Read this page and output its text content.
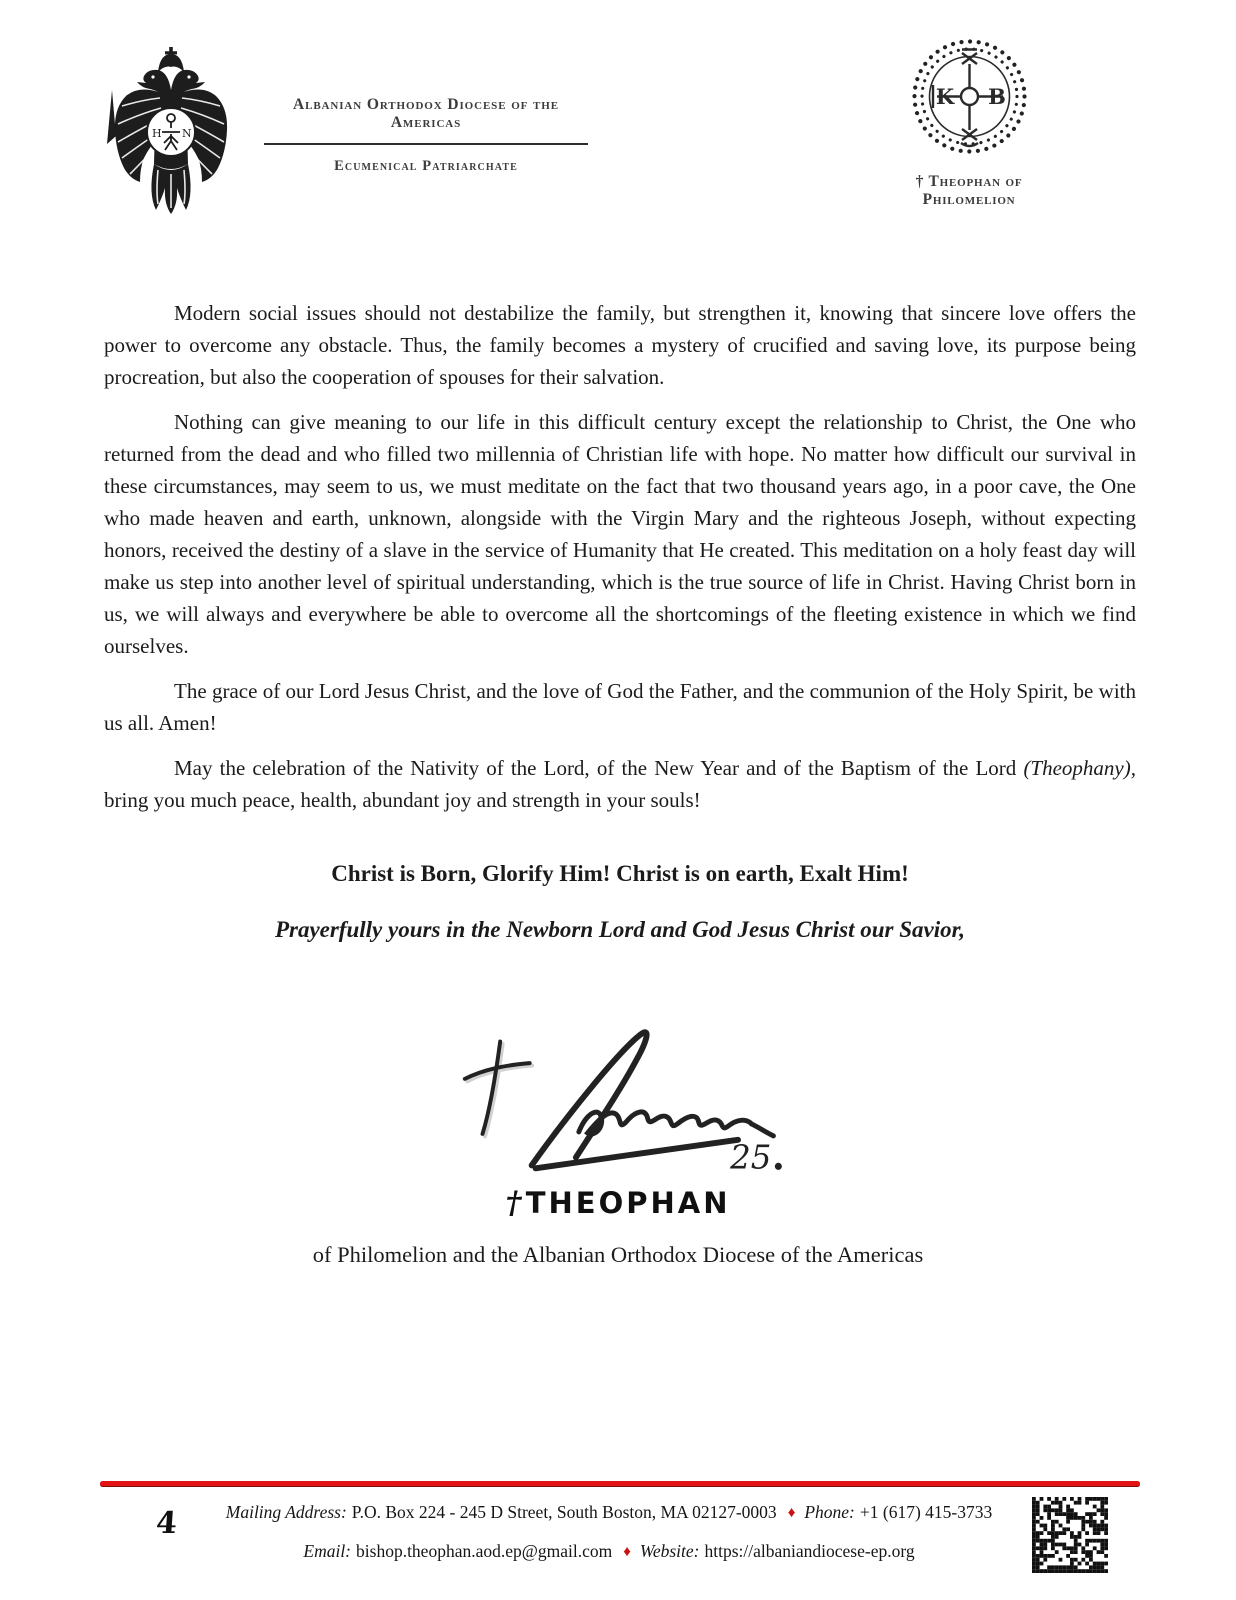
H N
Albanian Orthodox Diocese of the Americas
Ecumenical Patriarchate
K B
† Theophan of Philomelion

Modern social issues should not destabilize the family, but strengthen it, knowing that sincere love offers the power to overcome any obstacle. Thus, the family becomes a mystery of crucified and saving love, its purpose being procreation, but also the cooperation of spouses for their salvation.

Nothing can give meaning to our life in this difficult century except the relationship to Christ, the One who returned from the dead and who filled two millennia of Christian life with hope. No matter how difficult our survival in these circumstances, may seem to us, we must meditate on the fact that two thousand years ago, in a poor cave, the One who made heaven and earth, unknown, alongside with the Virgin Mary and the righteous Joseph, without expecting honors, received the destiny of a slave in the service of Humanity that He created. This meditation on a holy feast day will make us step into another level of spiritual understanding, which is the true source of life in Christ. Having Christ born in us, we will always and everywhere be able to overcome all the shortcomings of the fleeting existence in which we find ourselves.

The grace of our Lord Jesus Christ, and the love of God the Father, and the communion of the Holy Spirit, be with us all. Amen!

May the celebration of the Nativity of the Lord, of the New Year and of the Baptism of the Lord (Theophany), bring you much peace, health, abundant joy and strength in your souls!

Christ is Born, Glorify Him! Christ is on earth, Exalt Him!

Prayerfully yours in the Newborn Lord and God Jesus Christ our Savior,

25
†THEOPHAN
of Philomelion and the Albanian Orthodox Diocese of the Americas
4	Mailing Address: P.O. Box 224 - 245 D Street, South Boston, MA 02127-0003 ♦ Phone: +1 (617) 415-3733
Email: bishop.theophan.aod.ep@gmail.com ♦ Website: https://albaniandiocese-ep.org
